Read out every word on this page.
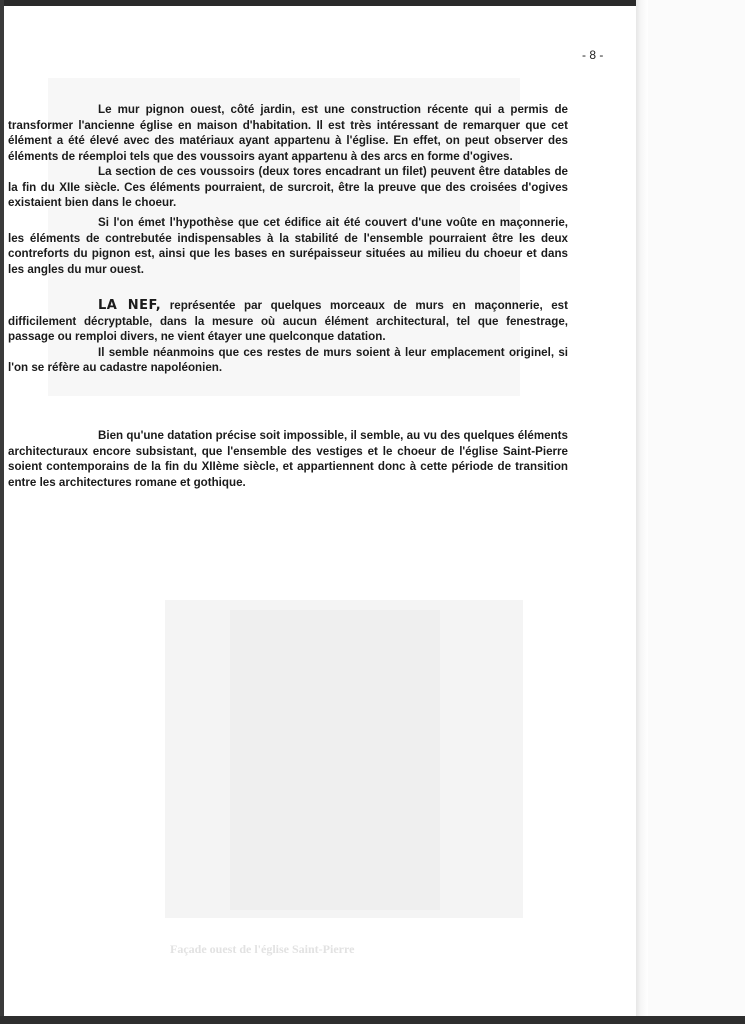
Façade ouest de l'église Saint-Pierre
- 8 -

Le mur pignon ouest, côté jardin, est une construction récente qui a permis de transformer l'ancienne église en maison d'habitation. Il est très intéressant de remarquer que cet élément a été élevé avec des matériaux ayant appartenu à l'église. En effet, on peut observer des éléments de réemploi tels que des voussoirs ayant appartenu à des arcs en forme d'ogives.

La section de ces voussoirs (deux tores encadrant un filet) peuvent être datables de la fin du XIIe siècle. Ces éléments pourraient, de surcroit, être la preuve que des croisées d'ogives existaient bien dans le choeur.

Si l'on émet l'hypothèse que cet édifice ait été couvert d'une voûte en maçonnerie, les éléments de contrebutée indispensables à la stabilité de l'ensemble pourraient être les deux contreforts du pignon est, ainsi que les bases en surépaisseur situées au milieu du choeur et dans les angles du mur ouest.

LA NEF, représentée par quelques morceaux de murs en maçonnerie, est difficilement décryptable, dans la mesure où aucun élément architectural, tel que fenestrage, passage ou remploi divers, ne vient étayer une quelconque datation.

Il semble néanmoins que ces restes de murs soient à leur emplacement originel, si l'on se réfère au cadastre napoléonien.

Bien qu'une datation précise soit impossible, il semble, au vu des quelques éléments architecturaux encore subsistant, que l'ensemble des vestiges et le choeur de l'église Saint-Pierre soient contemporains de la fin du XIIème siècle, et appartiennent donc à cette période de transition entre les architectures romane et gothique.
